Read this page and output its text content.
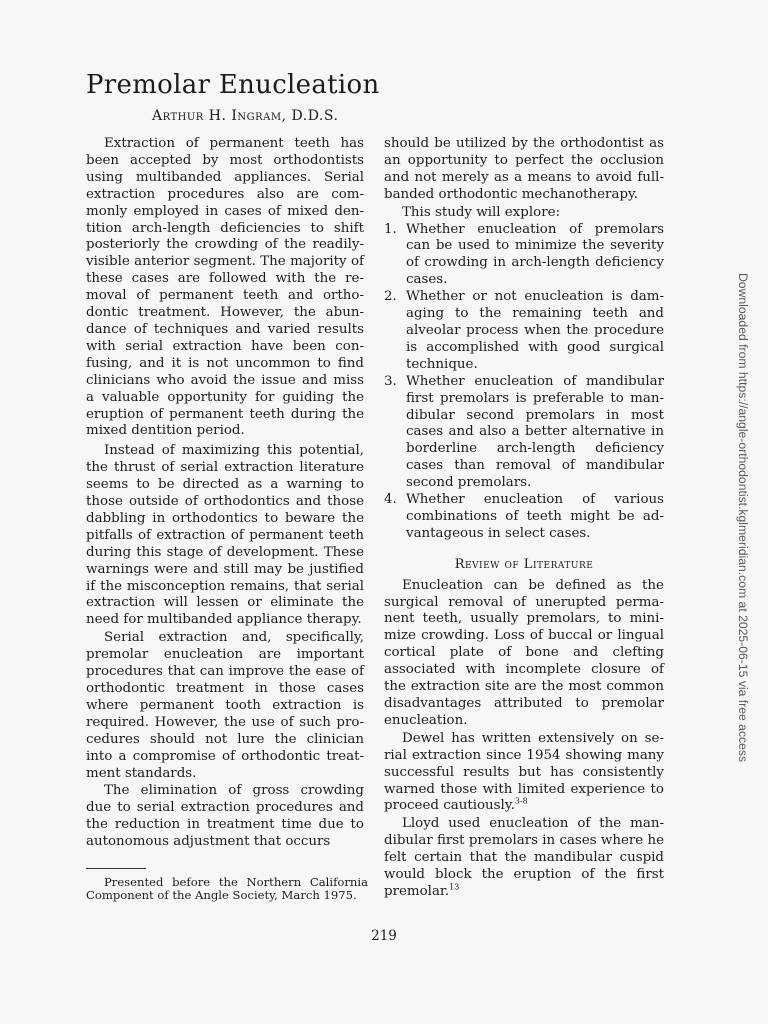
Premolar Enucleation
Arthur H. Ingram, D.D.S.

Extraction of permanent teeth has been accepted by most orthodontists using multibanded appliances. Serial extraction procedures also are commonly employed in cases of mixed dentition arch-length deficiencies to shift posteriorly the crowding of the readily-visible anterior segment. The majority of these cases are followed with the removal of permanent teeth and orthodontic treatment. However, the abundance of techniques and varied results with serial extraction have been confusing, and it is not uncommon to find clinicians who avoid the issue and miss a valuable opportunity for guiding the eruption of permanent teeth during the mixed dentition period.

Instead of maximizing this potential, the thrust of serial extraction literature seems to be directed as a warning to those outside of orthodontics and those dabbling in orthodontics to beware the pitfalls of extraction of permanent teeth during this stage of development. These warnings were and still may be justified if the misconception remains, that serial extraction will lessen or eliminate the need for multibanded appliance therapy.

Serial extraction and, specifically, premolar enucleation are important procedures that can improve the ease of orthodontic treatment in those cases where permanent tooth extraction is required. However, the use of such procedures should not lure the clinician into a compromise of orthodontic treatment standards.

The elimination of gross crowding due to serial extraction procedures and the reduction in treatment time due to autonomous adjustment that occurs

should be utilized by the orthodontist as an opportunity to perfect the occlusion and not merely as a means to avoid full-banded orthodontic mechanotherapy.

This study will explore:

1. Whether enucleation of premolars can be used to minimize the severity of crowding in arch-length deficiency cases.
2. Whether or not enucleation is damaging to the remaining teeth and alveolar process when the procedure is accomplished with good surgical technique.
3. Whether enucleation of mandibular first premolars is preferable to mandibular second premolars in most cases and also a better alternative in borderline arch-length deficiency cases than removal of mandibular second premolars.
4. Whether enucleation of various combinations of teeth might be advantageous in select cases.
Review of Literature

Enucleation can be defined as the surgical removal of unerupted permanent teeth, usually premolars, to minimize crowding. Loss of buccal or lingual cortical plate of bone and clefting associated with incomplete closure of the extraction site are the most common disadvantages attributed to premolar enucleation.

Dewel has written extensively on serial extraction since 1954 showing many successful results but has consistently warned those with limited experience to proceed cautiously.$^{3-8}$

Lloyd used enucleation of the mandibular first premolars in cases where he felt certain that the mandibular cuspid would block the eruption of the first premolar.$^{13}$

Presented before the Northern California Component of the Angle Society, March 1975.
219
Downloaded from https://angle-orthodontist.kglmeridian.com at 2025-06-15 via free access
